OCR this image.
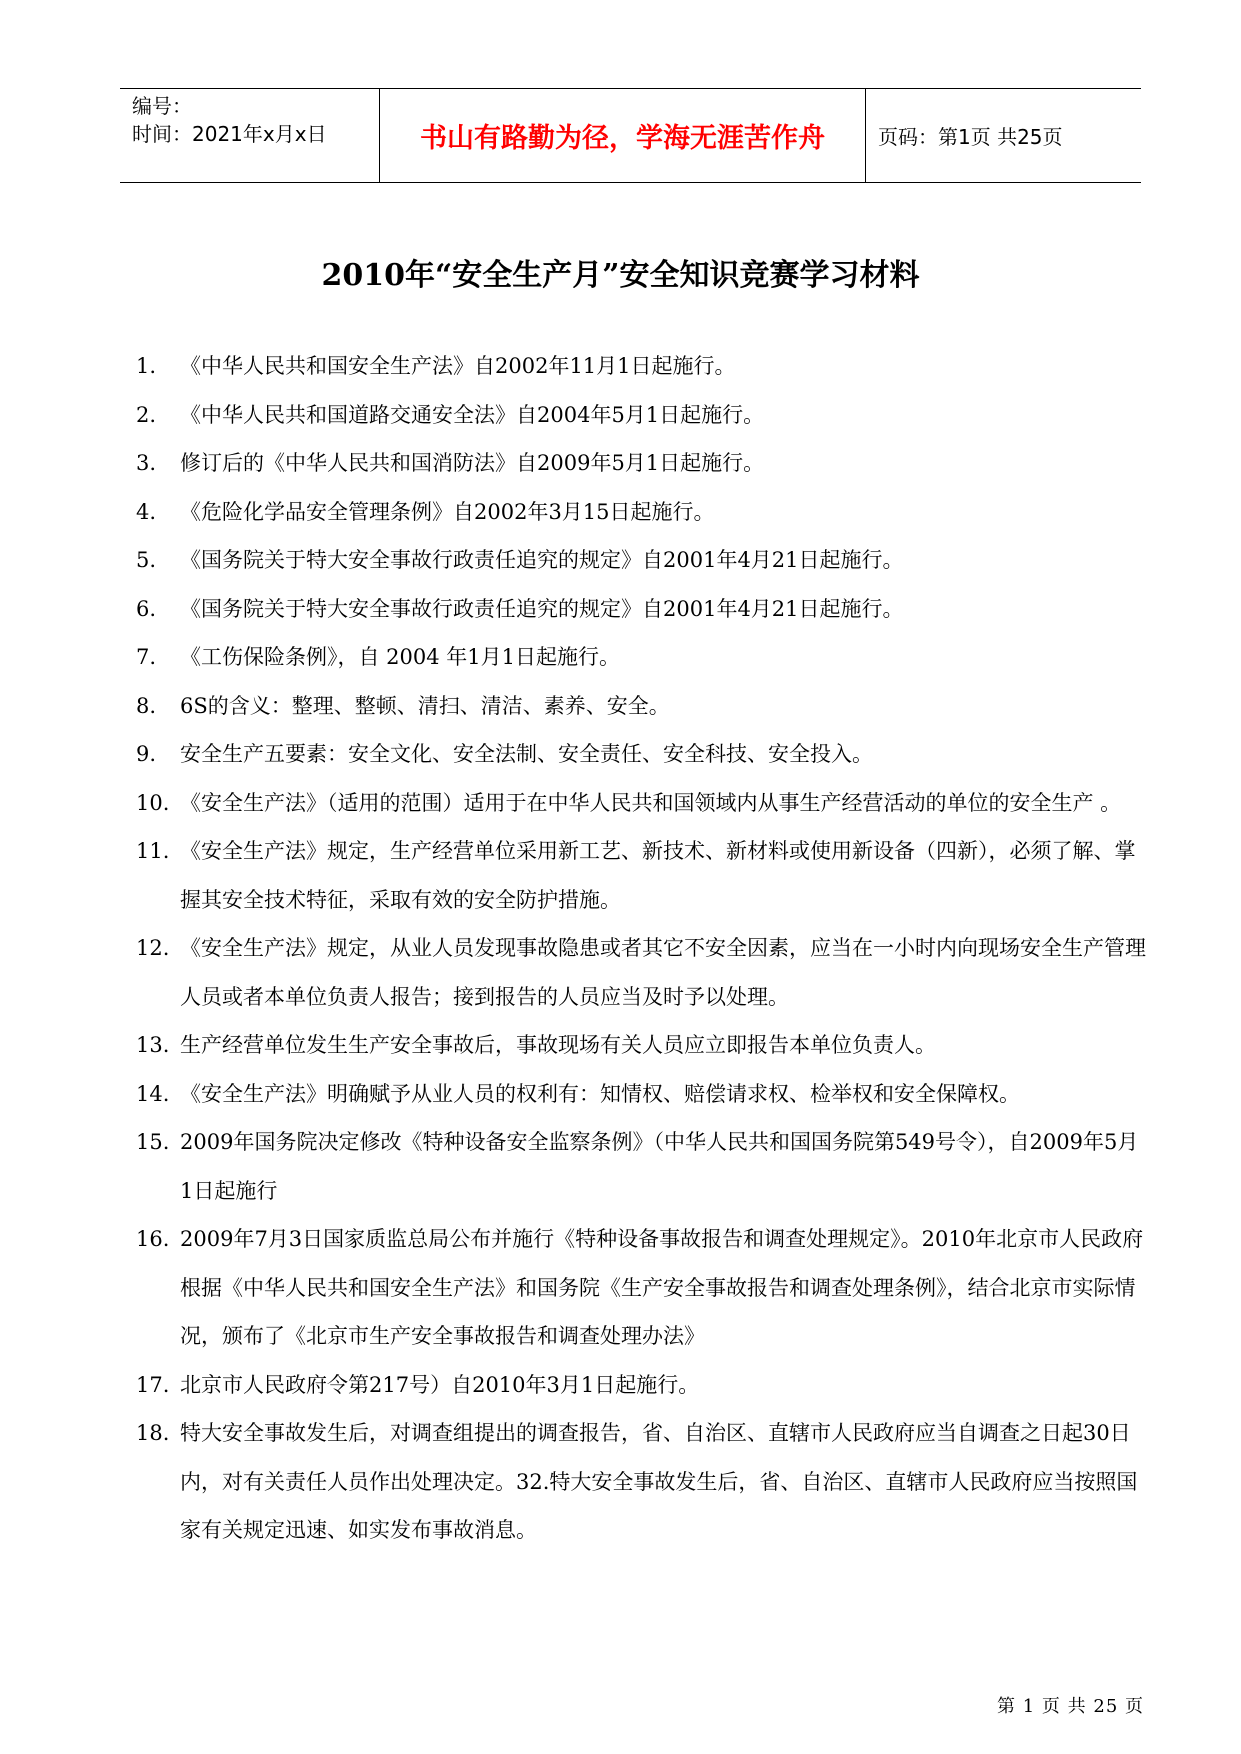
编号：
时间：2021年x月x日	书山有路勤为径，学海无涯苦作舟	页码：第1页 共25页
2010年“安全生产月”安全知识竞赛学习材料
1.	《中华人民共和国安全生产法》自2002年11月1日起施行。
2.	《中华人民共和国道路交通安全法》自2004年5月1日起施行。
3.	修订后的《中华人民共和国消防法》自2009年5月1日起施行。
4.	《危险化学品安全管理条例》自2002年3月15日起施行。
5.	《国务院关于特大安全事故行政责任追究的规定》自2001年4月21日起施行。
6.	《国务院关于特大安全事故行政责任追究的规定》自2001年4月21日起施行。
7.	《工伤保险条例》，自 2004 年1月1日起施行。
8.	6S的含义：整理、整顿、清扫、清洁、素养、安全。
9.	安全生产五要素：安全文化、安全法制、安全责任、安全科技、安全投入。
10. 《安全生产法》（适用的范围）适用于在中华人民共和国领域内从事生产经营活动的单位的安全生产 。
11. 《安全生产法》规定，生产经营单位采用新工艺、新技术、新材料或使用新设备（四新），必须了解、掌握其安全技术特征，采取有效的安全防护措施。
12. 《安全生产法》规定，从业人员发现事故隐患或者其它不安全因素，应当在一小时内向现场安全生产管理人员或者本单位负责人报告；接到报告的人员应当及时予以处理。
13. 生产经营单位发生生产安全事故后，事故现场有关人员应立即报告本单位负责人。
14. 《安全生产法》明确赋予从业人员的权利有：知情权、赔偿请求权、检举权和安全保障权。
15. 2009年国务院决定修改《特种设备安全监察条例》（中华人民共和国国务院第549号令），自2009年5月1日起施行
16. 2009年7月3日国家质监总局公布并施行《特种设备事故报告和调查处理规定》。2010年北京市人民政府根据《中华人民共和国安全生产法》和国务院《生产安全事故报告和调查处理条例》，结合北京市实际情况，颁布了《北京市生产安全事故报告和调查处理办法》
17. 北京市人民政府令第217号）自2010年3月1日起施行。
18. 特大安全事故发生后，对调查组提出的调查报告，省、自治区、直辖市人民政府应当自调查之日起30日内，对有关责任人员作出处理决定。32.特大安全事故发生后，省、自治区、直辖市人民政府应当按照国家有关规定迅速、如实发布事故消息。
第 1 页 共 25 页
